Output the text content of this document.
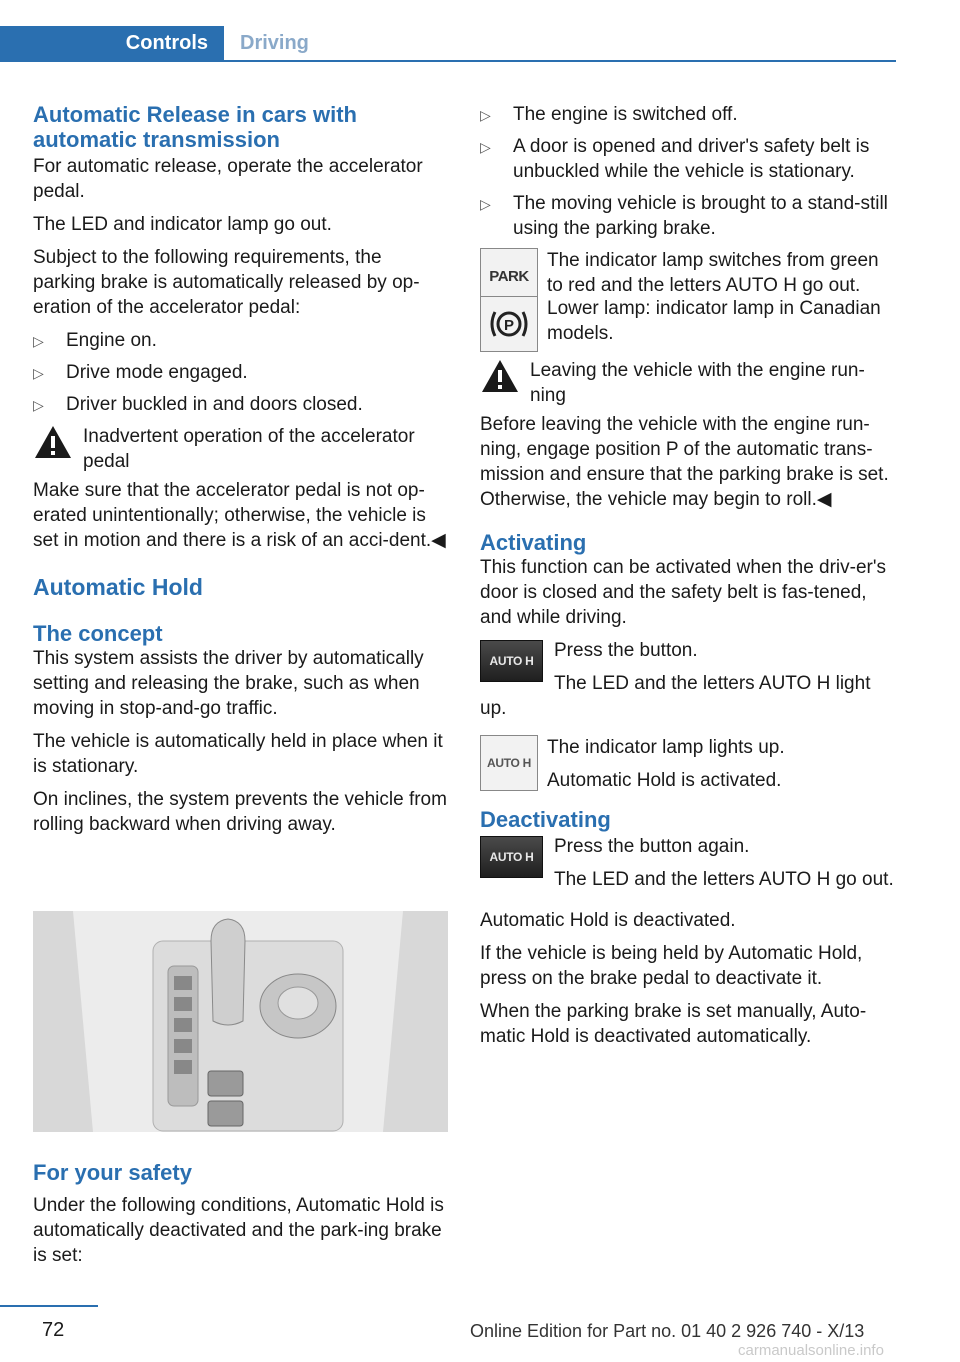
Controls	Driving
Automatic Release in cars with automatic transmission

For automatic release, operate the accelerator pedal.

The LED and indicator lamp go out.

Subject to the following requirements, the parking brake is automatically released by op‐eration of the accelerator pedal:

▷ Engine on.
▷ Drive mode engaged.
▷ Driver buckled in and doors closed.

Inadvertent operation of the accelerator pedal

Make sure that the accelerator pedal is not op‐erated unintentionally; otherwise, the vehicle is set in motion and there is a risk of an acci‐dent.◀

Automatic Hold
The concept

This system assists the driver by automatically setting and releasing the brake, such as when moving in stop-and-go traffic.

The vehicle is automatically held in place when it is stationary.

On inclines, the system prevents the vehicle from rolling backward when driving away.

For your safety

Under the following conditions, Automatic Hold is automatically deactivated and the park‐ing brake is set:

▷ The engine is switched off.
▷ A door is opened and driver's safety belt is unbuckled while the vehicle is stationary.
▷ The moving vehicle is brought to a stand‐still using the parking brake.
PARK

The indicator lamp switches from green to red and the letters AUTO H go out.

P

Lower lamp: indicator lamp in Canadian models.

Leaving the vehicle with the engine run‐ning

Before leaving the vehicle with the engine run‐ning, engage position P of the automatic trans‐mission and ensure that the parking brake is set. Otherwise, the vehicle may begin to roll.◀

Activating

This function can be activated when the driv‐er's door is closed and the safety belt is fas‐tened, and while driving.

AUTO H Press the button.

The LED and the letters AUTO H light up.

AUTO H

The indicator lamp lights up.

Automatic Hold is activated.

Deactivating
AUTO H Press the button again.

The LED and the letters AUTO H go out.

Automatic Hold is deactivated.

If the vehicle is being held by Automatic Hold, press on the brake pedal to deactivate it.

When the parking brake is set manually, Auto‐matic Hold is deactivated automatically.

72	Online Edition for Part no. 01 40 2 926 740 - X/13
carmanualsonline.info
